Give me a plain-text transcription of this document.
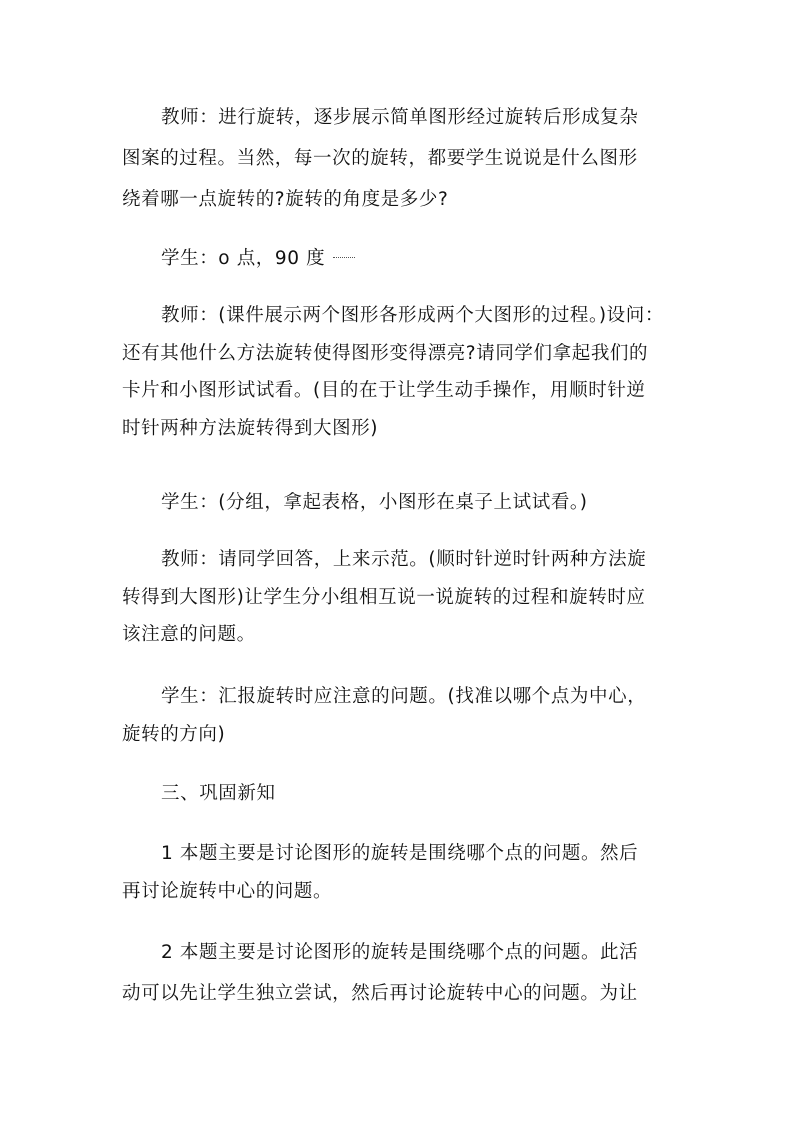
教师：进行旋转，逐步展示简单图形经过旋转后形成复杂
图案的过程。当然，每一次的旋转，都要学生说说是什么图形
绕着哪一点旋转的?旋转的角度是多少?
学生：o 点，90 度
教师：(课件展示两个图形各形成两个大图形的过程。)设问：
还有其他什么方法旋转使得图形变得漂亮?请同学们拿起我们的
卡片和小图形试试看。(目的在于让学生动手操作，用顺时针逆
时针两种方法旋转得到大图形)
学生：(分组，拿起表格，小图形在桌子上试试看。)
教师：请同学回答，上来示范。(顺时针逆时针两种方法旋
转得到大图形)让学生分小组相互说一说旋转的过程和旋转时应
该注意的问题。
学生：汇报旋转时应注意的问题。(找准以哪个点为中心，
旋转的方向)
三、巩固新知
1 本题主要是讨论图形的旋转是围绕哪个点的问题。然后
再讨论旋转中心的问题。
2 本题主要是讨论图形的旋转是围绕哪个点的问题。此活
动可以先让学生独立尝试，然后再讨论旋转中心的问题。为让
